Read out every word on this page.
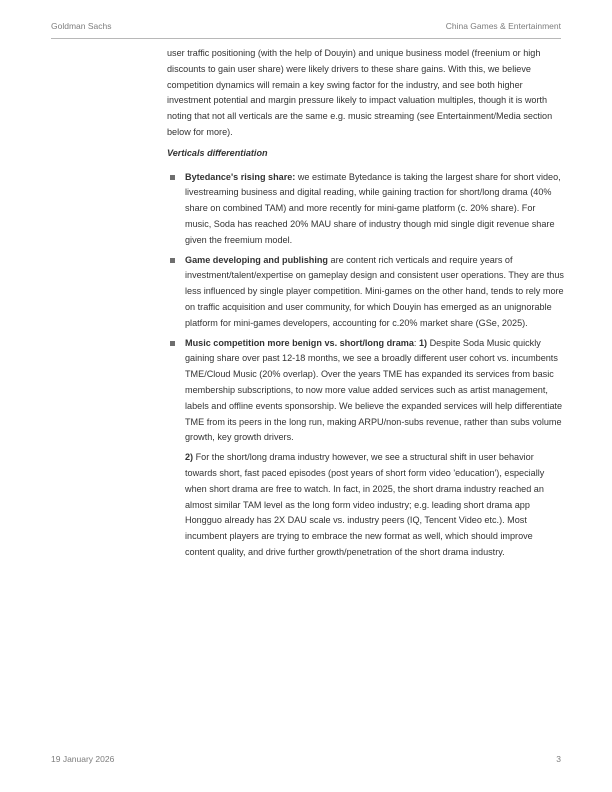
Goldman Sachs	China Games & Entertainment

user traffic positioning (with the help of Douyin) and unique business model (freenium or high discounts to gain user share) were likely drivers to these share gains. With this, we believe competition dynamics will remain a key swing factor for the industry, and see both higher investment potential and margin pressure likely to impact valuation multiples, though it is worth noting that not all verticals are the same e.g. music streaming (see Entertainment/Media section below for more).

Verticals differentiation

Bytedance's rising share: we estimate Bytedance is taking the largest share for short video, livestreaming business and digital reading, while gaining traction for short/long drama (40% share on combined TAM) and more recently for mini-game platform (c. 20% share). For music, Soda has reached 20% MAU share of industry though mid single digit revenue share given the freemium model.
Game developing and publishing are content rich verticals and require years of investment/talent/expertise on gameplay design and consistent user operations. They are thus less influenced by single player competition. Mini-games on the other hand, tends to rely more on traffic acquisition and user community, for which Douyin has emerged as an unignorable platform for mini-games developers, accounting for c.20% market share (GSe, 2025).
Music competition more benign vs. short/long drama: 1) Despite Soda Music quickly gaining share over past 12-18 months, we see a broadly different user cohort vs. incumbents TME/Cloud Music (20% overlap). Over the years TME has expanded its services from basic membership subscriptions, to now more value added services such as artist management, labels and offline events sponsorship. We believe the expanded services will help differentiate TME from its peers in the long run, making ARPU/non-subs revenue, rather than subs volume growth, key growth drivers.

2) For the short/long drama industry however, we see a structural shift in user behavior towards short, fast paced episodes (post years of short form video 'education'), especially when short drama are free to watch. In fact, in 2025, the short drama industry reached an almost similar TAM level as the long form video industry; e.g. leading short drama app Hongguo already has 2X DAU scale vs. industry peers (IQ, Tencent Video etc.). Most incumbent players are trying to embrace the new format as well, which should improve content quality, and drive further growth/penetration of the short drama industry.

19 January 2026	3
